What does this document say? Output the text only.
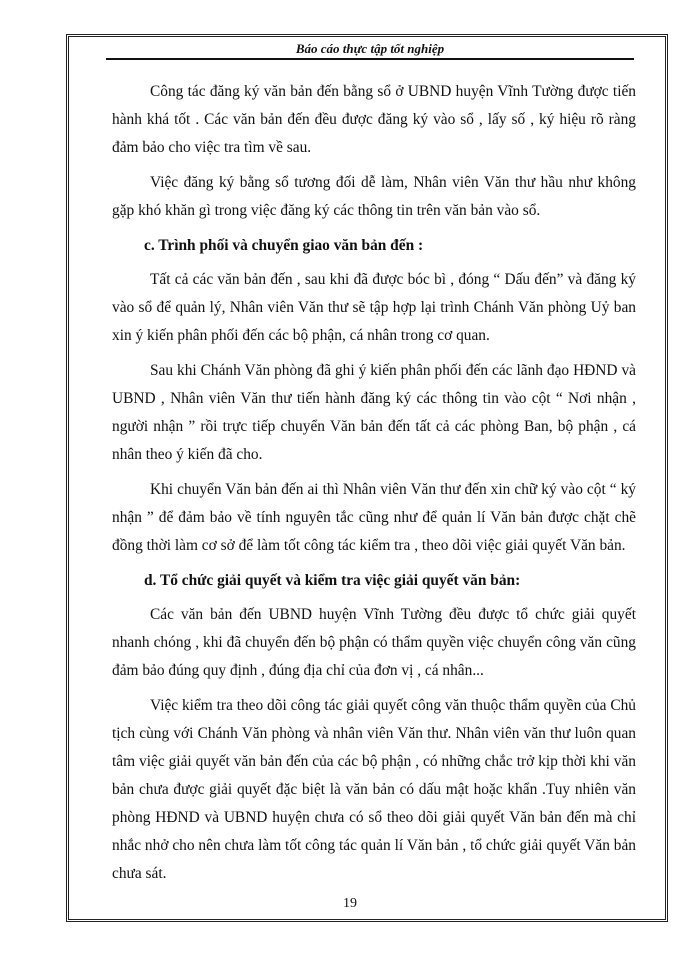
Báo cáo thực tập tốt nghiệp

Công tác đăng ký văn bản đến bằng sổ ở UBND huyện Vĩnh Tường được tiến hành khá tốt . Các văn bản đến đều được đăng ký vào sổ , lấy số , ký hiệu rõ ràng đảm bảo cho việc tra tìm về sau.

Việc đăng ký bằng sổ tương đối dễ làm, Nhân viên Văn thư hầu như không gặp khó khăn gì trong việc đăng ký các thông tin trên văn bản vào sổ.

c. Trình phối và chuyển giao văn bản đến :

Tất cả các văn bản đến , sau khi đã được bóc bì , đóng “ Dấu đến” và đăng ký vào sổ để quản lý, Nhân viên Văn thư sẽ tập hợp lại trình Chánh Văn phòng Uỷ ban xin ý kiến phân phối đến các bộ phận, cá nhân trong cơ quan.

Sau khi Chánh Văn phòng đã ghi ý kiến phân phối đến các lãnh đạo HĐND và UBND , Nhân viên Văn thư tiến hành đăng ký các thông tin vào cột “ Nơi nhận , người nhận ” rồi trực tiếp chuyển Văn bản đến tất cả các phòng Ban, bộ phận , cá nhân theo ý kiến đã cho.

Khi chuyển Văn bản đến ai thì Nhân viên Văn thư đến xin chữ ký vào cột “ ký nhận ” để đảm bảo về tính nguyên tắc cũng như để quản lí Văn bản được chặt chẽ đồng thời làm cơ sở để làm tốt công tác kiểm tra , theo dõi việc giải quyết Văn bản.

d. Tổ chức giải quyết và kiểm tra việc giải quyết văn bản:

Các văn bản đến UBND huyện Vĩnh Tường đều được tổ chức giải quyết nhanh chóng , khi đã chuyển đến bộ phận có thẩm quyền việc chuyển công văn cũng đảm bảo đúng quy định , đúng địa chỉ của đơn vị , cá nhân...

Việc kiểm tra theo dõi công tác giải quyết công văn thuộc thẩm quyền của Chủ tịch cùng với Chánh Văn phòng và nhân viên Văn thư. Nhân viên văn thư luôn quan tâm việc giải quyết văn bản đến của các bộ phận , có những chắc trở kịp thời khi văn bản chưa được giải quyết đặc biệt là văn bản có dấu mật hoặc khẩn .Tuy nhiên văn phòng HĐND và UBND huyện chưa có sổ theo dõi giải quyết Văn bản đến mà chỉ nhắc nhở cho nên chưa làm tốt công tác quản lí Văn bản , tổ chức giải quyết Văn bản chưa sát.

19
